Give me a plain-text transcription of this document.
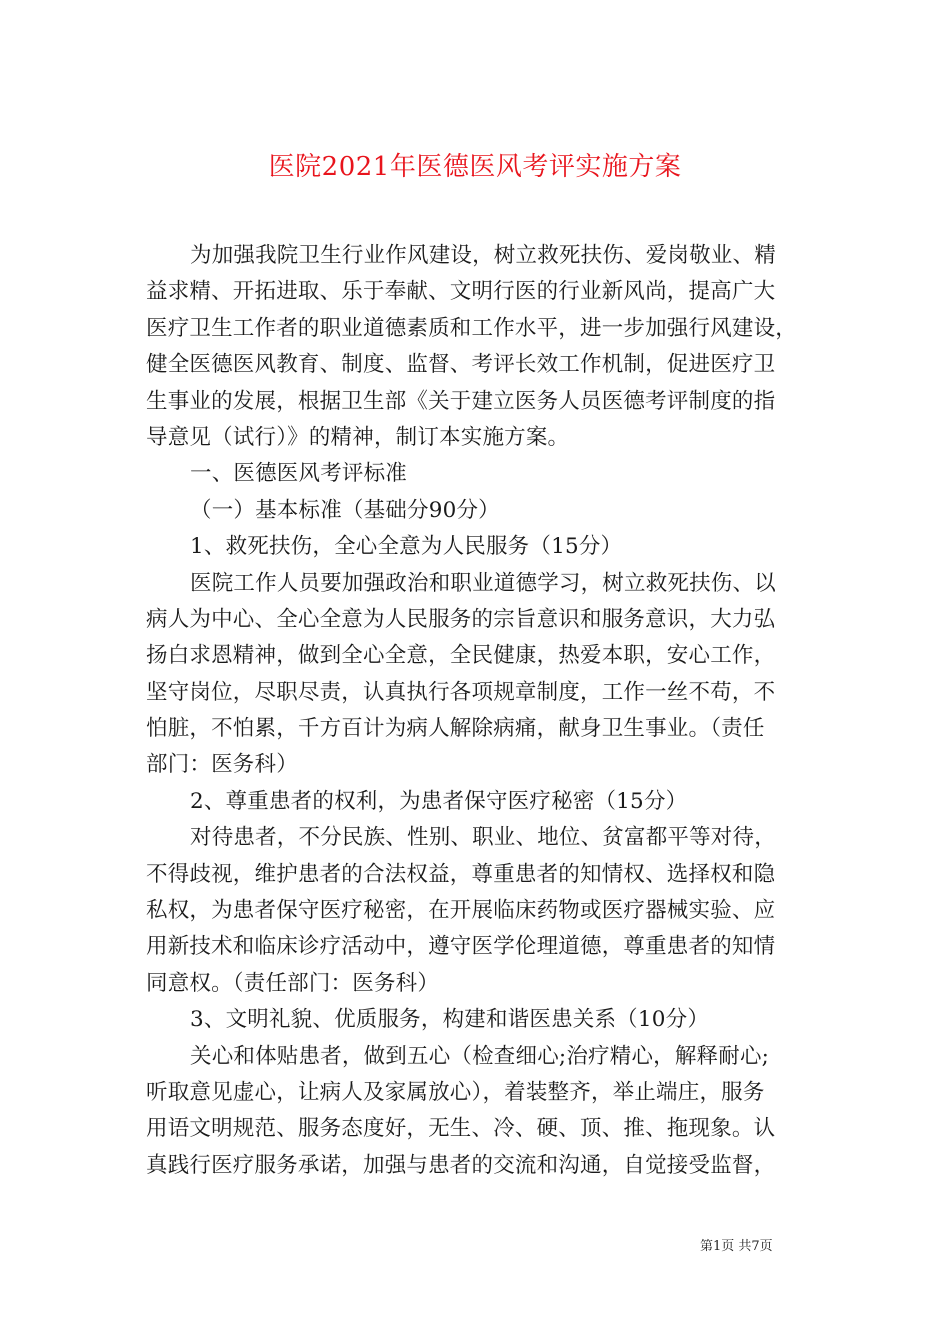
医院2021年医德医风考评实施方案
为加强我院卫生行业作风建设，树立救死扶伤、爱岗敬业、精
益求精、开拓进取、乐于奉献、文明行医的行业新风尚，提高广大
医疗卫生工作者的职业道德素质和工作水平，进一步加强行风建设，
健全医德医风教育、制度、监督、考评长效工作机制，促进医疗卫
生事业的发展，根据卫生部《关于建立医务人员医德考评制度的指
导意见（试行）》的精神，制订本实施方案。
一、医德医风考评标准
（一）基本标准（基础分90分）
1、救死扶伤，全心全意为人民服务（15分）
医院工作人员要加强政治和职业道德学习，树立救死扶伤、以
病人为中心、全心全意为人民服务的宗旨意识和服务意识，大力弘
扬白求恩精神，做到全心全意，全民健康，热爱本职，安心工作，
坚守岗位，尽职尽责，认真执行各项规章制度，工作一丝不苟，不
怕脏，不怕累，千方百计为病人解除病痛，献身卫生事业。（责任
部门：医务科）
2、尊重患者的权利，为患者保守医疗秘密（15分）
对待患者，不分民族、性别、职业、地位、贫富都平等对待，
不得歧视，维护患者的合法权益，尊重患者的知情权、选择权和隐
私权，为患者保守医疗秘密，在开展临床药物或医疗器械实验、应
用新技术和临床诊疗活动中，遵守医学伦理道德，尊重患者的知情
同意权。（责任部门：医务科）
3、文明礼貌、优质服务，构建和谐医患关系（10分）
关心和体贴患者，做到五心（检查细心;治疗精心，解释耐心;
听取意见虚心，让病人及家属放心），着装整齐，举止端庄，服务
用语文明规范、服务态度好，无生、冷、硬、顶、推、拖现象。认
真践行医疗服务承诺，加强与患者的交流和沟通，自觉接受监督，
第1页 共7页
